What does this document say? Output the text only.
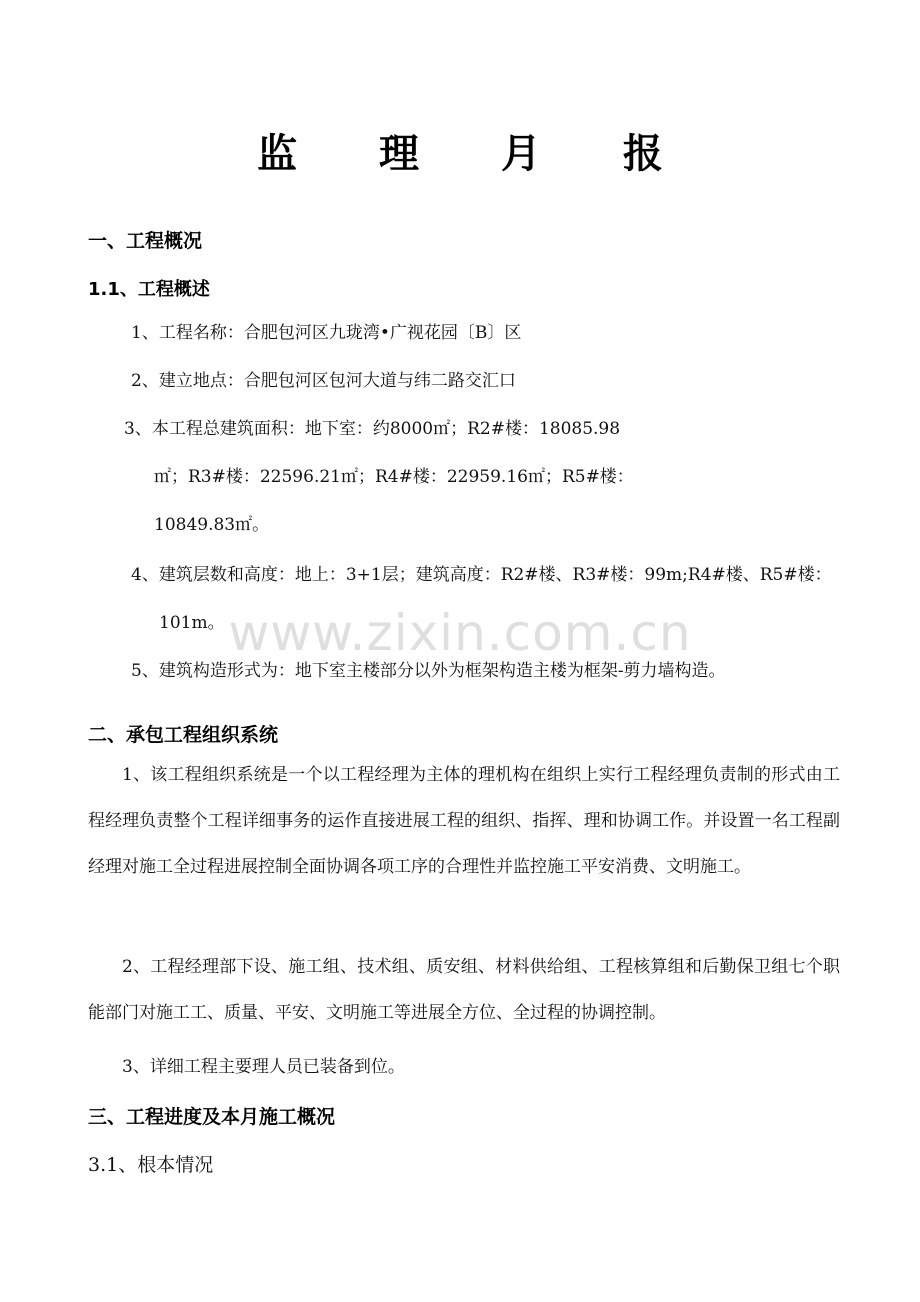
监 理 月 报
一、工程概况
1.1、工程概述
1、工程名称：合肥包河区九珑湾•广视花园〔B〕区
2、建立地点：合肥包河区包河大道与纬二路交汇口
3、本工程总建筑面积：地下室：约8000㎡；R2#楼：18085.98
㎡；R3#楼：22596.21㎡；R4#楼：22959.16㎡；R5#楼：
10849.83㎡。
4、建筑层数和高度：地上：3+1层；建筑高度：R2#楼、R3#楼：99m;R4#楼、R5#楼：
101m。
5、建筑构造形式为：地下室主楼部分以外为框架构造主楼为框架-剪力墙构造。
二、承包工程组织系统
1、该工程组织系统是一个以工程经理为主体的理机构在组织上实行工程经理负责制的形式由工程经理负责整个工程详细事务的运作直接进展工程的组织、指挥、理和协调工作。并设置一名工程副经理对施工全过程进展控制全面协调各项工序的合理性并监控施工平安消费、文明施工。
2、工程经理部下设、施工组、技术组、质安组、材料供给组、工程核算组和后勤保卫组七个职能部门对施工工、质量、平安、文明施工等进展全方位、全过程的协调控制。
3、详细工程主要理人员已装备到位。
三、工程进度及本月施工概况
3.1、根本情况
www.zixin.com.cn
